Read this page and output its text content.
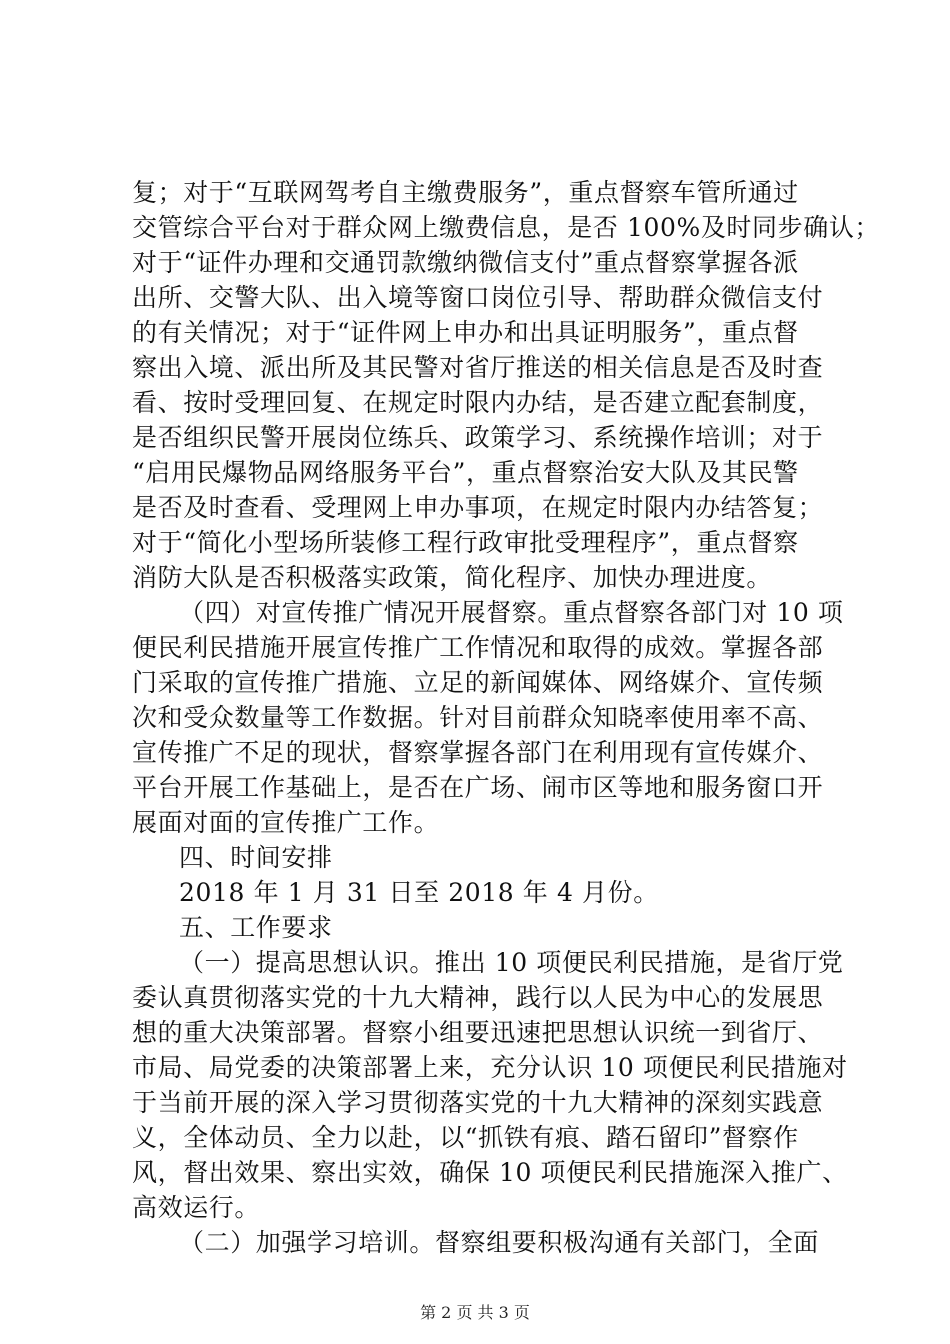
复；对于“互联网驾考自主缴费服务”，重点督察车管所通过
交管综合平台对于群众网上缴费信息，是否 100%及时同步确认；
对于“证件办理和交通罚款缴纳微信支付”重点督察掌握各派
出所、交警大队、出入境等窗口岗位引导、帮助群众微信支付
的有关情况；对于“证件网上申办和出具证明服务”，重点督
察出入境、派出所及其民警对省厅推送的相关信息是否及时查
看、按时受理回复、在规定时限内办结，是否建立配套制度，
是否组织民警开展岗位练兵、政策学习、系统操作培训；对于
“启用民爆物品网络服务平台”，重点督察治安大队及其民警
是否及时查看、受理网上申办事项，在规定时限内办结答复；
对于“简化小型场所装修工程行政审批受理程序”，重点督察
消防大队是否积极落实政策，简化程序、加快办理进度。
（四）对宣传推广情况开展督察。重点督察各部门对 10 项
便民利民措施开展宣传推广工作情况和取得的成效。掌握各部
门采取的宣传推广措施、立足的新闻媒体、网络媒介、宣传频
次和受众数量等工作数据。针对目前群众知晓率使用率不高、
宣传推广不足的现状，督察掌握各部门在利用现有宣传媒介、
平台开展工作基础上，是否在广场、闹市区等地和服务窗口开
展面对面的宣传推广工作。
四、时间安排
2018 年 1 月 31 日至 2018 年 4 月份。
五、工作要求
（一）提高思想认识。推出 10 项便民利民措施，是省厅党
委认真贯彻落实党的十九大精神，践行以人民为中心的发展思
想的重大决策部署。督察小组要迅速把思想认识统一到省厅、
市局、局党委的决策部署上来，充分认识 10 项便民利民措施对
于当前开展的深入学习贯彻落实党的十九大精神的深刻实践意
义，全体动员、全力以赴，以“抓铁有痕、踏石留印”督察作
风，督出效果、察出实效，确保 10 项便民利民措施深入推广、
高效运行。
（二）加强学习培训。督察组要积极沟通有关部门，全面
第 2 页 共 3 页
